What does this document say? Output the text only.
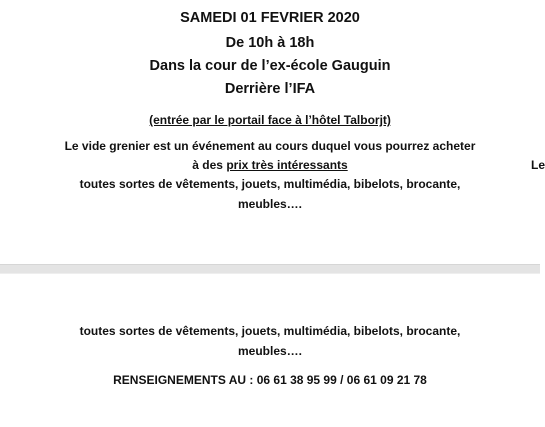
SAMEDI 01 FEVRIER 2020
De 10h à 18h
Dans la cour de l’ex-école Gauguin
Derrière l’IFA
(entrée par le portail face à l’hôtel Talborjt)
Le vide grenier est un événement au cours duquel vous pourrez acheter
à des prix très intéressants
toutes sortes de vêtements, jouets, multimédia, bibelots, brocante,
meubles….
Le
toutes sortes de vêtements, jouets, multimédia, bibelots, brocante,
meubles….
RENSEIGNEMENTS AU : 06 61 38 95 99 / 06 61 09 21 78
